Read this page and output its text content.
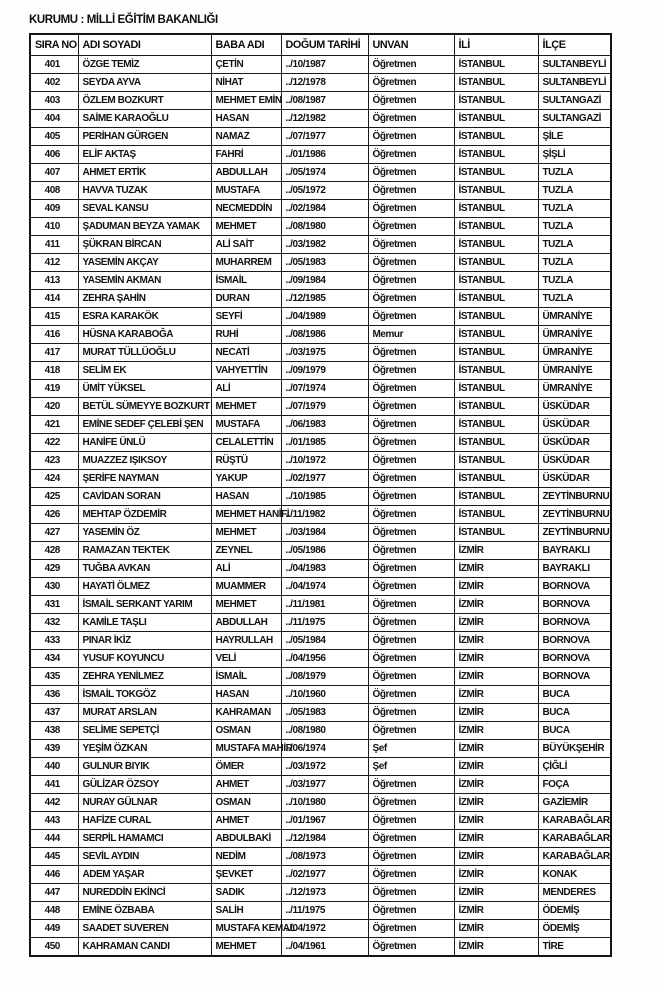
KURUMU : MİLLİ EĞİTİM BAKANLIĞI
SIRA NO	ADI SOYADI	BABA ADI	DOĞUM TARİHİ	UNVAN	İLİ	İLÇE
401	ÖZGE TEMİZ	ÇETİN	../10/1987	Öğretmen	İSTANBUL	SULTANBEYLİ
402	SEYDA AYVA	NİHAT	../12/1978	Öğretmen	İSTANBUL	SULTANBEYLİ
403	ÖZLEM BOZKURT	MEHMET EMİN	../08/1987	Öğretmen	İSTANBUL	SULTANGAZİ
404	SAİME KARAOĞLU	HASAN	../12/1982	Öğretmen	İSTANBUL	SULTANGAZİ
405	PERİHAN GÜRGEN	NAMAZ	../07/1977	Öğretmen	İSTANBUL	ŞİLE
406	ELİF AKTAŞ	FAHRİ	../01/1986	Öğretmen	İSTANBUL	ŞİŞLİ
407	AHMET ERTİK	ABDULLAH	../05/1974	Öğretmen	İSTANBUL	TUZLA
408	HAVVA TUZAK	MUSTAFA	../05/1972	Öğretmen	İSTANBUL	TUZLA
409	SEVAL KANSU	NECMEDDİN	../02/1984	Öğretmen	İSTANBUL	TUZLA
410	ŞADUMAN BEYZA YAMAK	MEHMET	../08/1980	Öğretmen	İSTANBUL	TUZLA
411	ŞÜKRAN BİRCAN	ALİ SAİT	../03/1982	Öğretmen	İSTANBUL	TUZLA
412	YASEMİN AKÇAY	MUHARREM	../05/1983	Öğretmen	İSTANBUL	TUZLA
413	YASEMİN AKMAN	İSMAİL	../09/1984	Öğretmen	İSTANBUL	TUZLA
414	ZEHRA ŞAHİN	DURAN	../12/1985	Öğretmen	İSTANBUL	TUZLA
415	ESRA KARAKÖK	SEYFİ	../04/1989	Öğretmen	İSTANBUL	ÜMRANİYE
416	HÜSNA KARABOĞA	RUHİ	../08/1986	Memur	İSTANBUL	ÜMRANİYE
417	MURAT TÜLLÜOĞLU	NECATİ	../03/1975	Öğretmen	İSTANBUL	ÜMRANİYE
418	SELİM EK	VAHYETTİN	../09/1979	Öğretmen	İSTANBUL	ÜMRANİYE
419	ÜMİT YÜKSEL	ALİ	../07/1974	Öğretmen	İSTANBUL	ÜMRANİYE
420	BETÜL SÜMEYYE BOZKURT	MEHMET	../07/1979	Öğretmen	İSTANBUL	ÜSKÜDAR
421	EMİNE SEDEF ÇELEBİ ŞEN	MUSTAFA	../06/1983	Öğretmen	İSTANBUL	ÜSKÜDAR
422	HANİFE ÜNLÜ	CELALETTİN	../01/1985	Öğretmen	İSTANBUL	ÜSKÜDAR
423	MUAZZEZ IŞIKSOY	RÜŞTÜ	../10/1972	Öğretmen	İSTANBUL	ÜSKÜDAR
424	ŞERİFE NAYMAN	YAKUP	../02/1977	Öğretmen	İSTANBUL	ÜSKÜDAR
425	CAVİDAN SORAN	HASAN	../10/1985	Öğretmen	İSTANBUL	ZEYTİNBURNU
426	MEHTAP ÖZDEMİR	MEHMET HANİFİ	../11/1982	Öğretmen	İSTANBUL	ZEYTİNBURNU
427	YASEMİN ÖZ	MEHMET	../03/1984	Öğretmen	İSTANBUL	ZEYTİNBURNU
428	RAMAZAN TEKTEK	ZEYNEL	../05/1986	Öğretmen	İZMİR	BAYRAKLI
429	TUĞBA AVKAN	ALİ	../04/1983	Öğretmen	İZMİR	BAYRAKLI
430	HAYATİ ÖLMEZ	MUAMMER	../04/1974	Öğretmen	İZMİR	BORNOVA
431	İSMAİL SERKANT YARIM	MEHMET	../11/1981	Öğretmen	İZMİR	BORNOVA
432	KAMİLE TAŞLI	ABDULLAH	../11/1975	Öğretmen	İZMİR	BORNOVA
433	PINAR İKİZ	HAYRULLAH	../05/1984	Öğretmen	İZMİR	BORNOVA
434	YUSUF KOYUNCU	VELİ	../04/1956	Öğretmen	İZMİR	BORNOVA
435	ZEHRA YENİLMEZ	İSMAİL	../08/1979	Öğretmen	İZMİR	BORNOVA
436	İSMAİL TOKGÖZ	HASAN	../10/1960	Öğretmen	İZMİR	BUCA
437	MURAT ARSLAN	KAHRAMAN	../05/1983	Öğretmen	İZMİR	BUCA
438	SELİME SEPETÇİ	OSMAN	../08/1980	Öğretmen	İZMİR	BUCA
439	YEŞİM ÖZKAN	MUSTAFA MAHİR	../06/1974	Şef	İZMİR	BÜYÜKŞEHİR
440	GULNUR BIYIK	ÖMER	../03/1972	Şef	İZMİR	ÇİĞLİ
441	GÜLİZAR ÖZSOY	AHMET	../03/1977	Öğretmen	İZMİR	FOÇA
442	NURAY GÜLNAR	OSMAN	../10/1980	Öğretmen	İZMİR	GAZİEMİR
443	HAFİZE CURAL	AHMET	../01/1967	Öğretmen	İZMİR	KARABAĞLAR
444	SERPİL HAMAMCI	ABDULBAKİ	../12/1984	Öğretmen	İZMİR	KARABAĞLAR
445	SEVİL AYDIN	NEDİM	../08/1973	Öğretmen	İZMİR	KARABAĞLAR
446	ADEM YAŞAR	ŞEVKET	../02/1977	Öğretmen	İZMİR	KONAK
447	NUREDDİN EKİNCİ	SADIK	../12/1973	Öğretmen	İZMİR	MENDERES
448	EMİNE ÖZBABA	SALİH	../11/1975	Öğretmen	İZMİR	ÖDEMİŞ
449	SAADET SUVEREN	MUSTAFA KEMAL	../04/1972	Öğretmen	İZMİR	ÖDEMİŞ
450	KAHRAMAN CANDI	MEHMET	../04/1961	Öğretmen	İZMİR	TİRE
